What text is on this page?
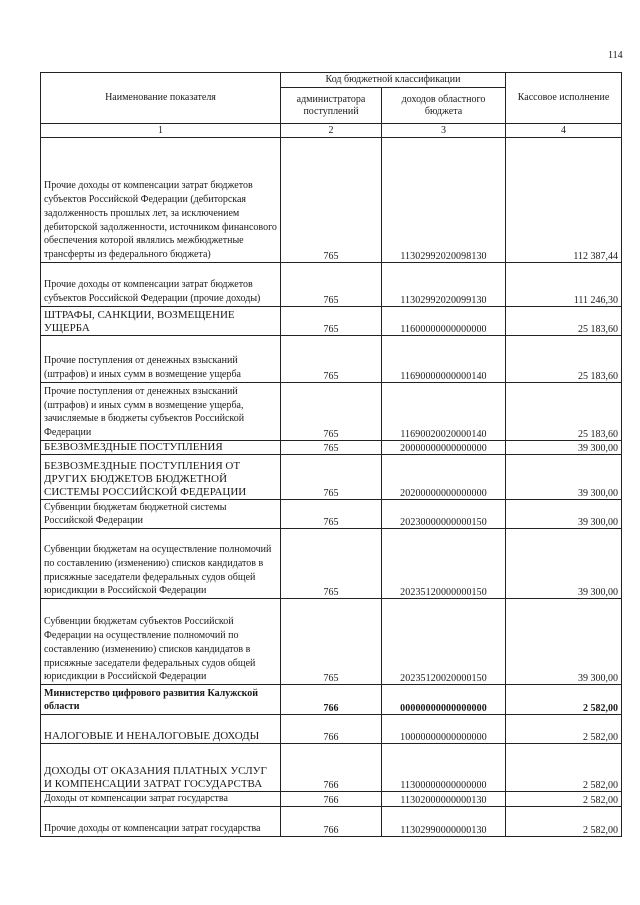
114
Наименование показателя	Код бюджетной классификации		Кассовое исполнение
	администратора поступлений	доходов областного бюджета	
1	2	3	4
Прочие доходы от компенсации затрат бюджетов субъектов Российской Федерации (дебиторская задолженность прошлых лет, за исключением дебиторской задолженности, источником финансового обеспечения которой являлись межбюджетные трансферты из федерального бюджета)	765	11302992020098130	112 387,44
Прочие доходы от компенсации затрат бюджетов субъектов Российской Федерации (прочие доходы)	765	11302992020099130	111 246,30
ШТРАФЫ, САНКЦИИ, ВОЗМЕЩЕНИЕ УЩЕРБА	765	11600000000000000	25 183,60
Прочие поступления от денежных взысканий (штрафов) и иных сумм в возмещение ущерба	765	11690000000000140	25 183,60
Прочие поступления от денежных взысканий (штрафов) и иных сумм в возмещение ущерба, зачисляемые в бюджеты субъектов Российской Федерации	765	11690020020000140	25 183,60
БЕЗВОЗМЕЗДНЫЕ ПОСТУПЛЕНИЯ	765	20000000000000000	39 300,00
БЕЗВОЗМЕЗДНЫЕ ПОСТУПЛЕНИЯ ОТ ДРУГИХ БЮДЖЕТОВ БЮДЖЕТНОЙ СИСТЕМЫ РОССИЙСКОЙ ФЕДЕРАЦИИ	765	20200000000000000	39 300,00
Субвенции бюджетам бюджетной системы Российской Федерации	765	20230000000000150	39 300,00
Субвенции бюджетам на осуществление полномочий по составлению (изменению) списков кандидатов в присяжные заседатели федеральных судов общей юрисдикции в Российской Федерации	765	20235120000000150	39 300,00
Субвенции бюджетам субъектов Российской Федерации на осуществление полномочий по составлению (изменению) списков кандидатов в присяжные заседатели федеральных судов общей юрисдикции в Российской Федерации	765	20235120020000150	39 300,00
Министерство цифрового развития Калужской области	766	00000000000000000	2 582,00
НАЛОГОВЫЕ И НЕНАЛОГОВЫЕ ДОХОДЫ	766	10000000000000000	2 582,00
ДОХОДЫ ОТ ОКАЗАНИЯ ПЛАТНЫХ УСЛУГ И КОМПЕНСАЦИИ ЗАТРАТ ГОСУДАРСТВА	766	11300000000000000	2 582,00
Доходы от компенсации затрат государства	766	11302000000000130	2 582,00
Прочие доходы от компенсации затрат государства	766	11302990000000130	2 582,00
